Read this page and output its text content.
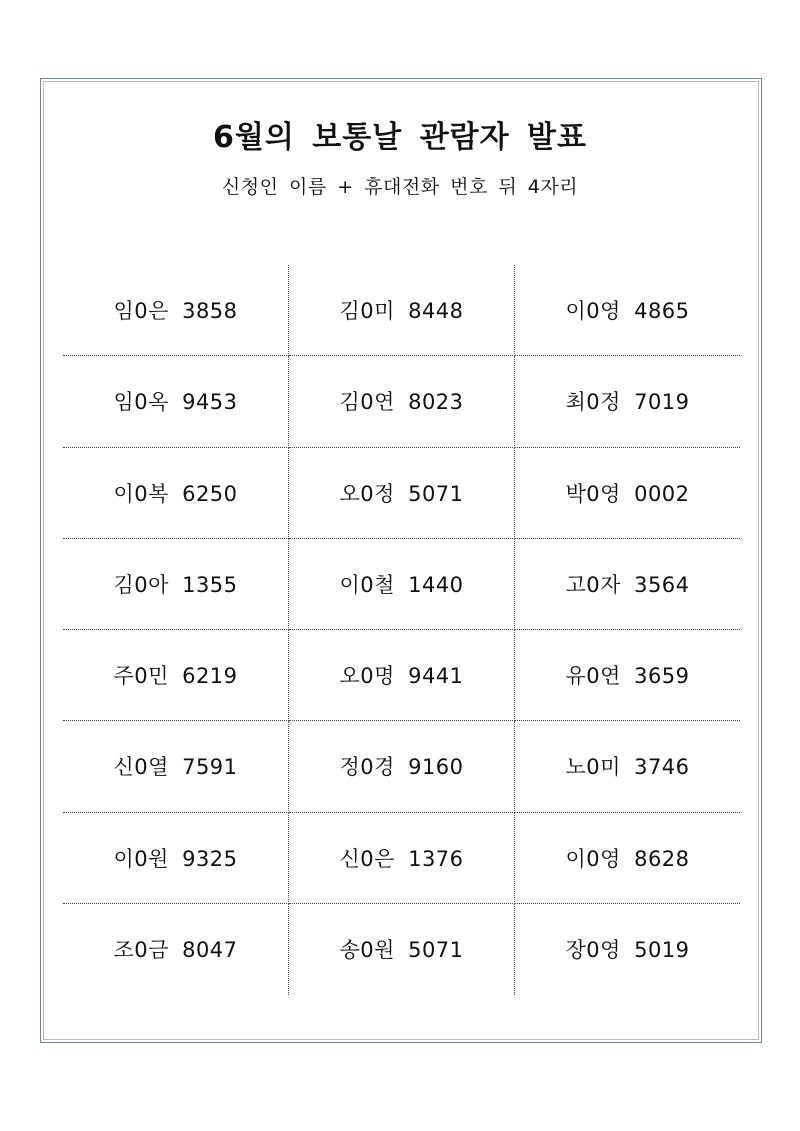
6월의 보통날 관람자 발표
신청인 이름 + 휴대전화 번호 뒤 4자리
임0은 3858	김0미 8448	이0영 4865
임0옥 9453	김0연 8023	최0정 7019
이0복 6250	오0정 5071	박0영 0002
김0아 1355	이0철 1440	고0자 3564
주0민 6219	오0명 9441	유0연 3659
신0열 7591	정0경 9160	노0미 3746
이0원 9325	신0은 1376	이0영 8628
조0금 8047	송0원 5071	장0영 5019
